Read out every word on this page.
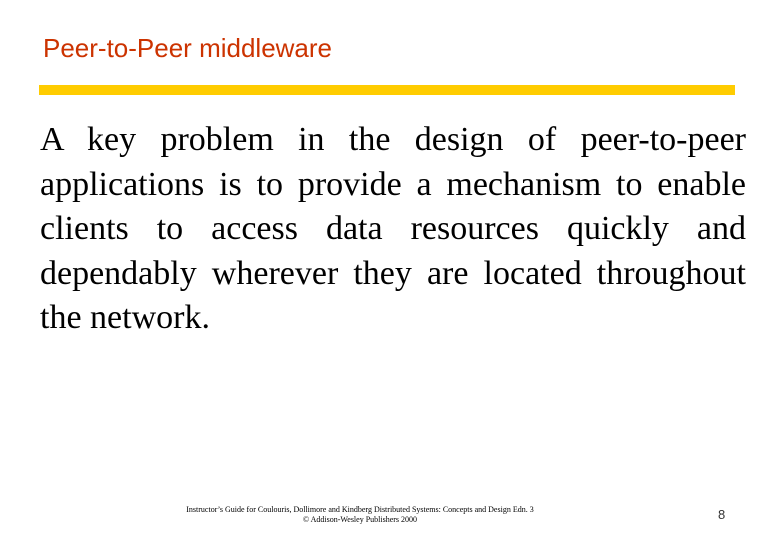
Peer-to-Peer middleware

A key problem in the design of peer-to-peer applications is to provide a mechanism to enable clients to access data resources quickly and dependably wherever they are located throughout the network.

Instructor’s Guide for Coulouris, Dollimore and Kindberg Distributed Systems: Concepts and Design Edn. 3
© Addison-Wesley Publishers 2000	8
